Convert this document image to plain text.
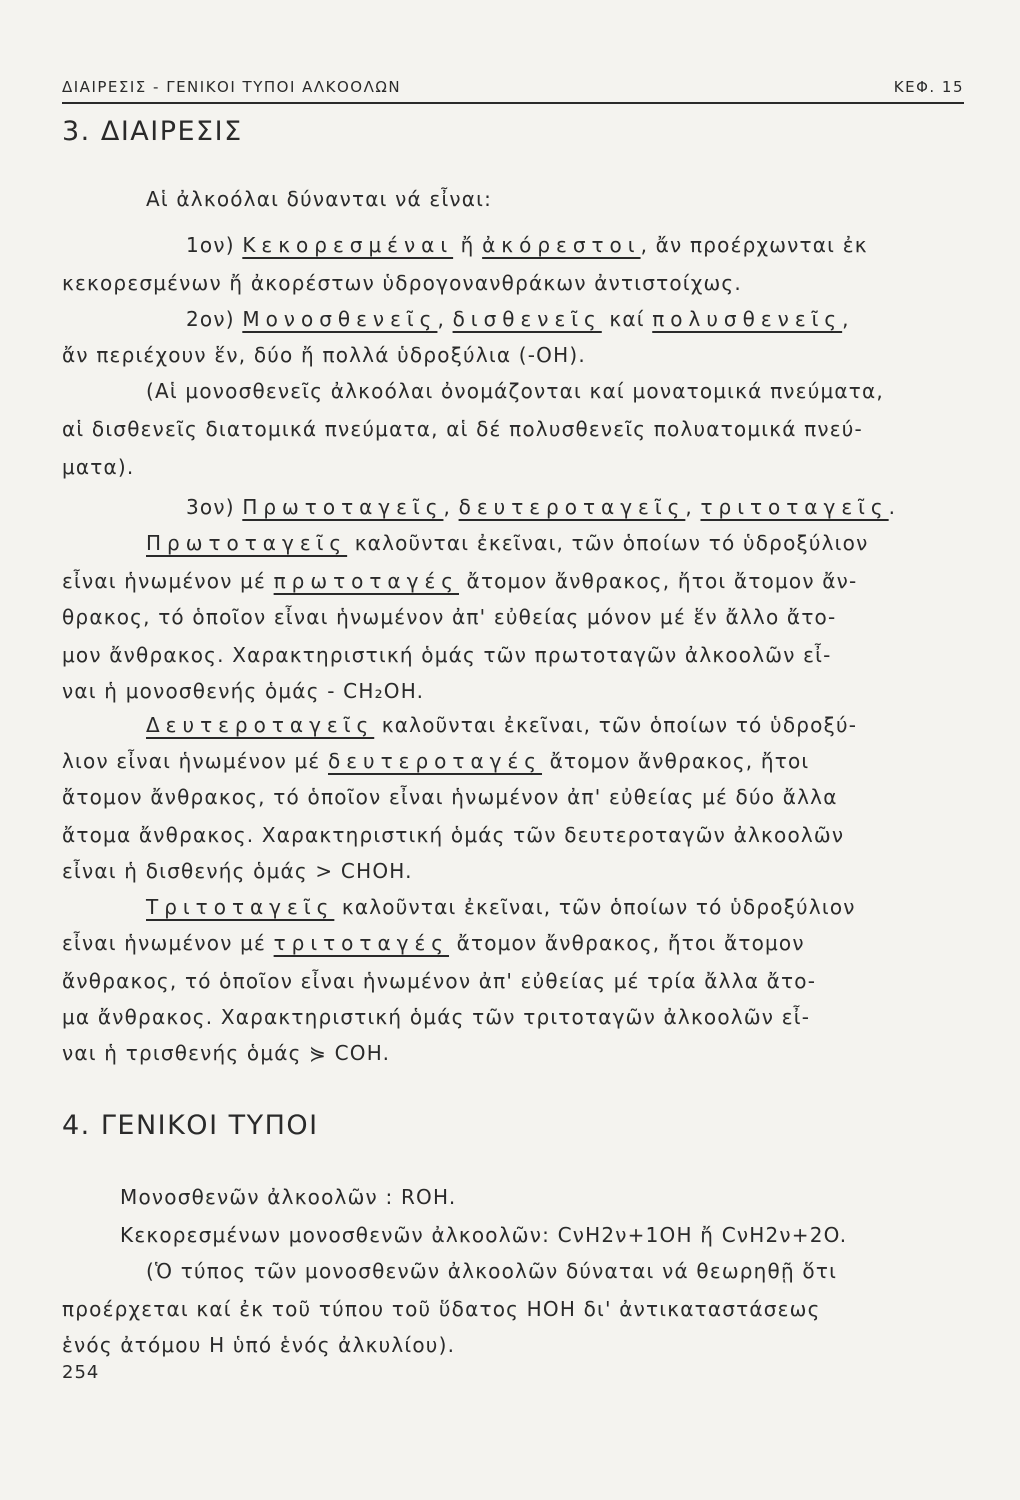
ΔΙΑΙΡΕΣΙΣ - ΓΕΝΙΚΟΙ ΤΥΠΟΙ ΑΛΚΟΟΛΩΝ	ΚΕΦ. 15
3. ΔΙΑΙΡΕΣΙΣ
Αἱ ἀλκοόλαι δύνανται νά εἶναι:
1ον) Κεκορεσμέναι ἤ ἀκόρεστοι, ἄν προέρχωνται ἐκ
κεκορεσμένων ἤ ἀκορέστων ὑδρογονανθράκων ἀντιστοίχως.
2ον) Μονοσθενεῖς, δισθενεῖς καί πολυσθενεῖς,
ἄν περιέχουν ἕν, δύο ἤ πολλά ὑδροξύλια (-ΟΗ).
(Αἱ μονοσθενεῖς ἀλκοόλαι ὀνομάζονται καί μονατομικά πνεύματα,
αἱ δισθενεῖς διατομικά πνεύματα, αἱ δέ πολυσθενεῖς πολυατομικά πνεύ-
ματα).
3ον) Πρωτοταγεῖς, δευτεροταγεῖς, τριτοταγεῖς.
Πρωτοταγεῖς καλοῦνται ἐκεῖναι, τῶν ὁποίων τό ὑδροξύλιον
εἶναι ἡνωμένον μέ πρωτοταγές ἄτομον ἄνθρακος, ἤτοι ἄτομον ἄν-
θρακος, τό ὁποῖον εἶναι ἡνωμένον ἀπ' εὐθείας μόνον μέ ἕν ἄλλο ἄτο-
μον ἄνθρακος. Χαρακτηριστική ὁμάς τῶν πρωτοταγῶν ἀλκοολῶν εἶ-
ναι ἡ μονοσθενής ὁμάς - CH₂OH.
Δευτεροταγεῖς καλοῦνται ἐκεῖναι, τῶν ὁποίων τό ὑδροξύ-
λιον εἶναι ἡνωμένον μέ δευτεροταγές ἄτομον ἄνθρακος, ἤτοι
ἄτομον ἄνθρακος, τό ὁποῖον εἶναι ἡνωμένον ἀπ' εὐθείας μέ δύο ἄλλα
ἄτομα ἄνθρακος. Χαρακτηριστική ὁμάς τῶν δευτεροταγῶν ἀλκοολῶν
εἶναι ἡ δισθενής ὁμάς > CHOH.
Τριτοταγεῖς καλοῦνται ἐκεῖναι, τῶν ὁποίων τό ὑδροξύλιον
εἶναι ἡνωμένον μέ τριτοταγές ἄτομον ἄνθρακος, ἤτοι ἄτομον
ἄνθρακος, τό ὁποῖον εἶναι ἡνωμένον ἀπ' εὐθείας μέ τρία ἄλλα ἄτο-
μα ἄνθρακος. Χαρακτηριστική ὁμάς τῶν τριτοταγῶν ἀλκοολῶν εἶ-
ναι ἡ τρισθενής ὁμάς ⋟ COH.
4. ΓΕΝΙΚΟΙ ΤΥΠΟΙ
Μονοσθενῶν ἀλκοολῶν : ROH.
Κεκορεσμένων μονοσθενῶν ἀλκοολῶν: CνH2ν+1OH ἤ CνH2ν+2O.
(Ὁ τύπος τῶν μονοσθενῶν ἀλκοολῶν δύναται νά θεωρηθῇ ὅτι
προέρχεται καί ἐκ τοῦ τύπου τοῦ ὕδατος HOH δι' ἀντικαταστάσεως
ἑνός ἀτόμου H ὑπό ἑνός ἀλκυλίου).
254
